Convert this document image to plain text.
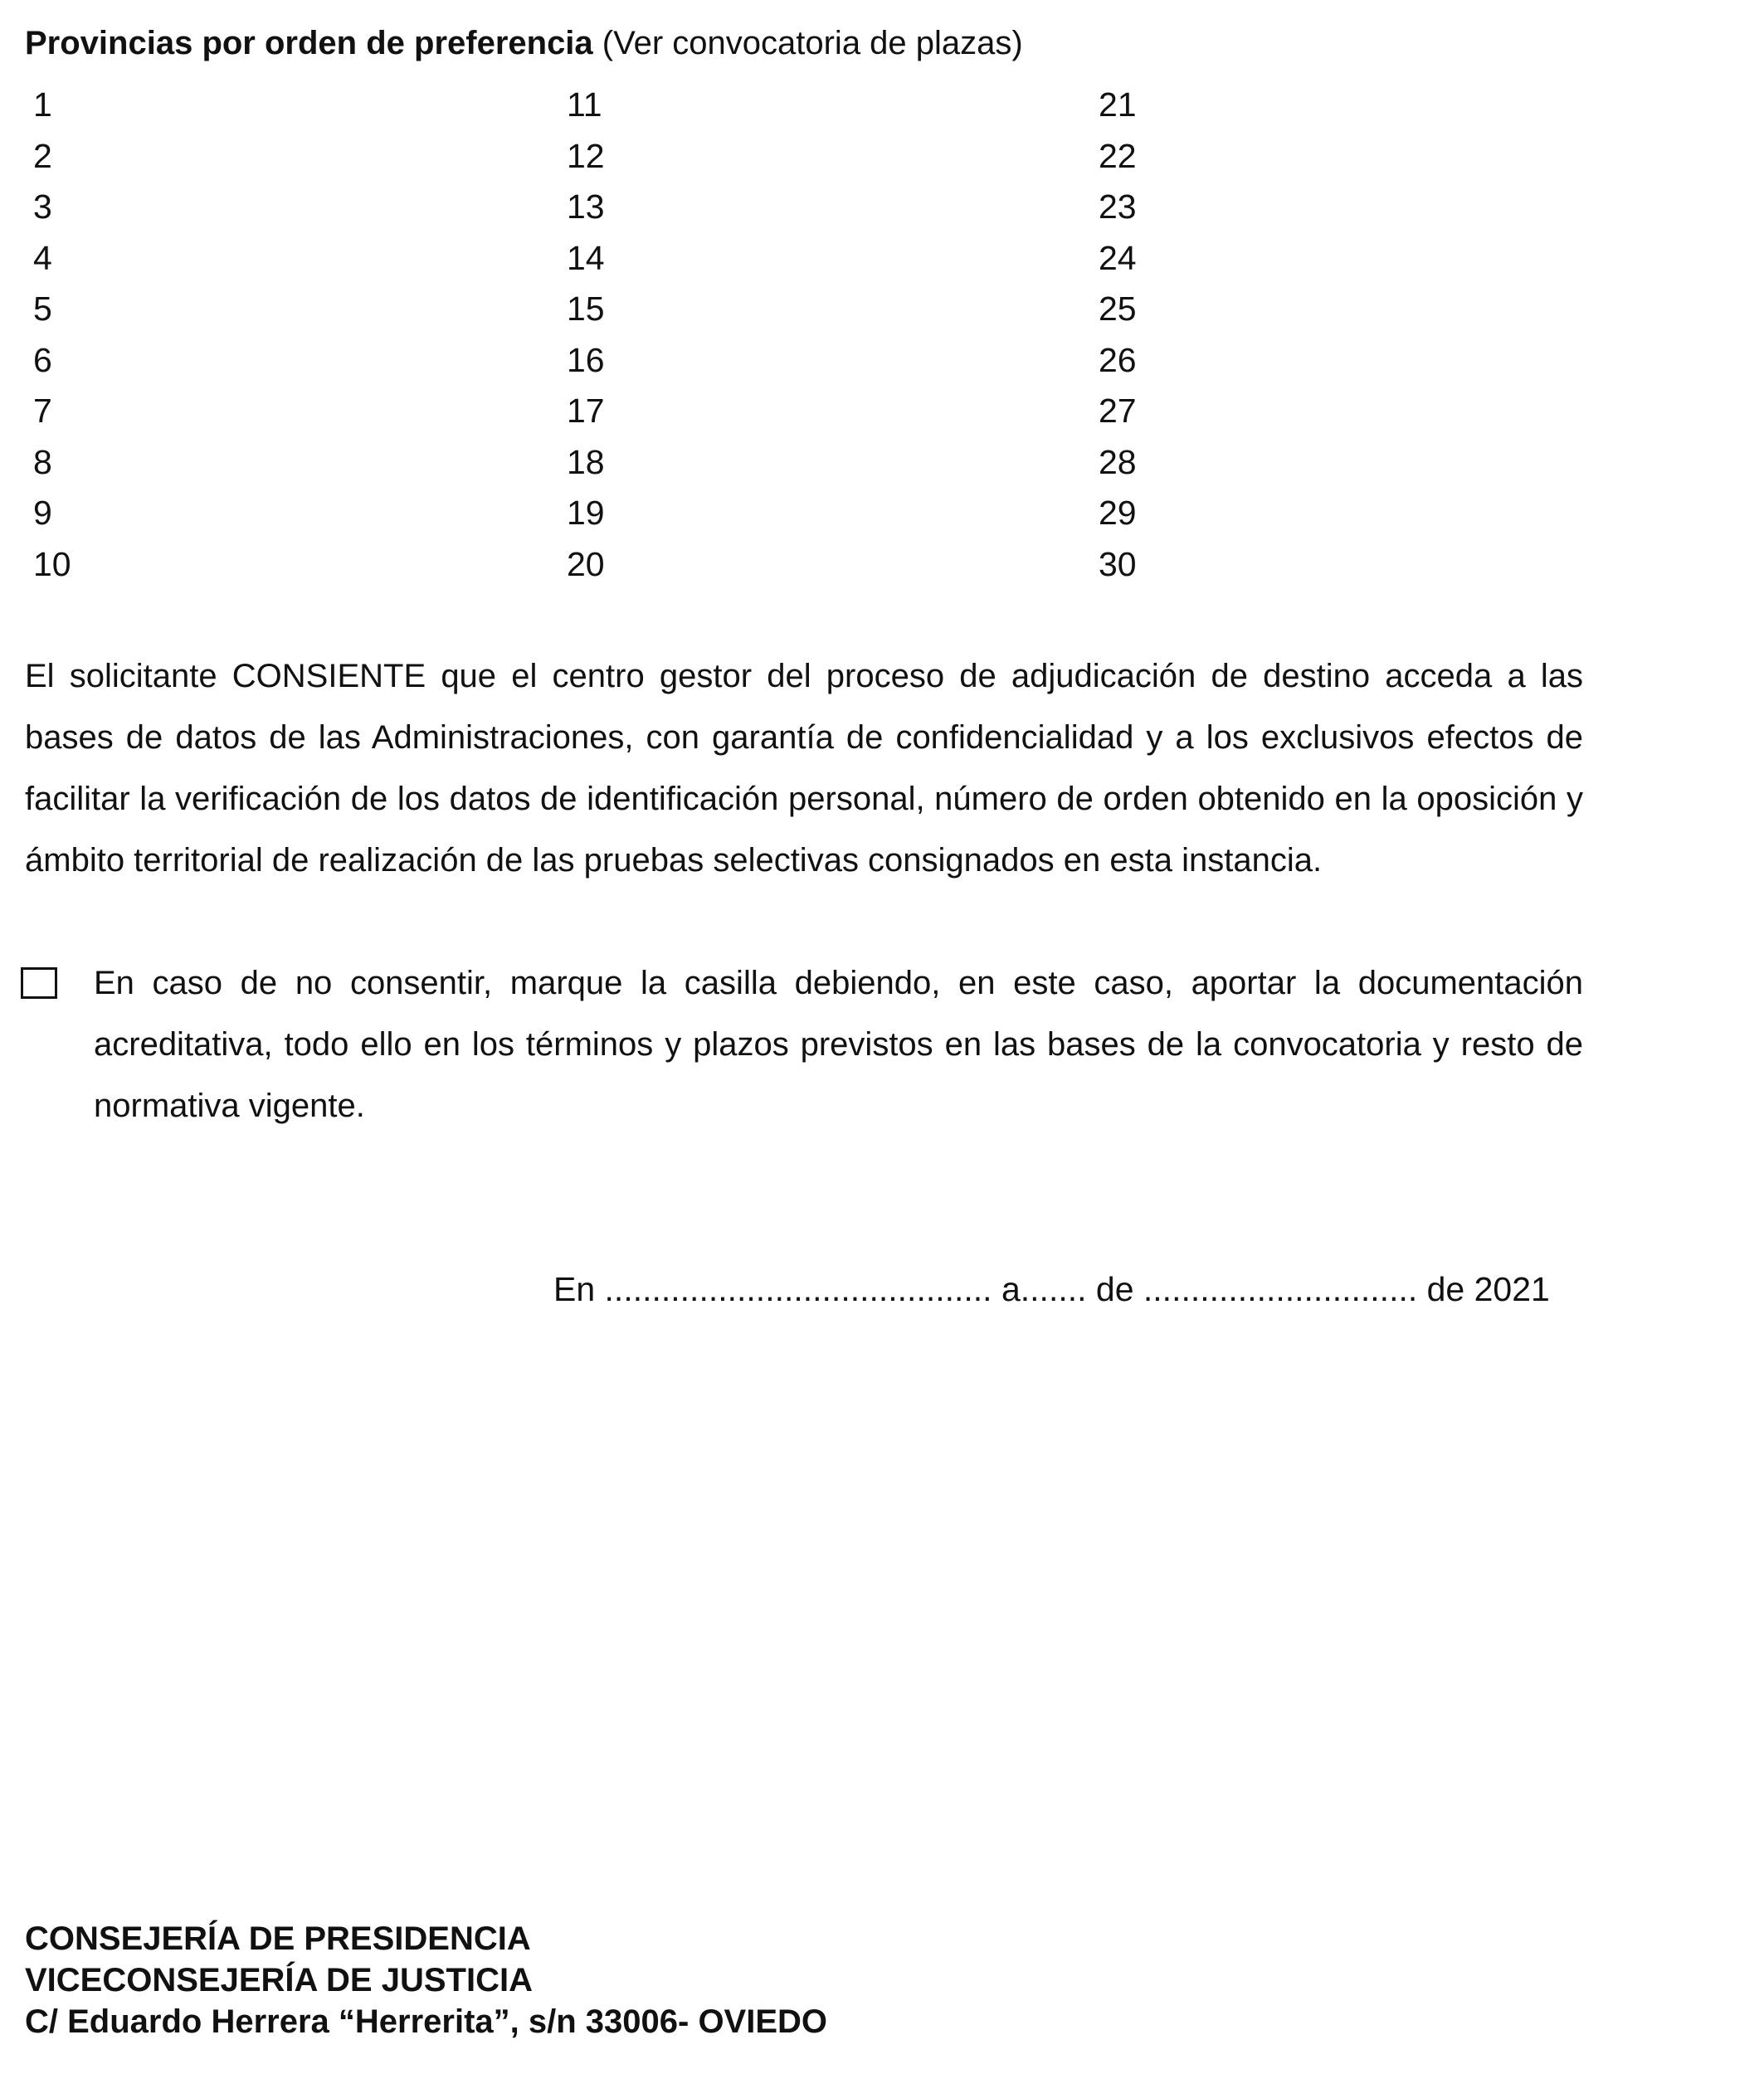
Provincias por orden de preferencia (Ver convocatoria de plazas)
1
2
3
4
5
6
7
8
9
10
11
12
13
14
15
16
17
18
19
20
21
22
23
24
25
26
27
28
29
30
El solicitante CONSIENTE que el centro gestor del proceso de adjudicación de destino acceda a las bases de datos de las Administraciones, con garantía de confidencialidad y a los exclusivos efectos de facilitar la verificación de los datos de identificación personal, número de orden obtenido en la oposición y ámbito territorial de realización de las pruebas selectivas consignados en esta instancia.
En caso de no consentir, marque la casilla debiendo, en este caso, aportar la documentación acreditativa, todo ello en los términos y plazos previstos en las bases de la convocatoria y resto de normativa vigente.
En ......................................... a....... de ............................. de 2021
CONSEJERÍA DE PRESIDENCIA
VICECONSEJERÍA DE JUSTICIA
C/ Eduardo Herrera “Herrerita”, s/n 33006- OVIEDO
